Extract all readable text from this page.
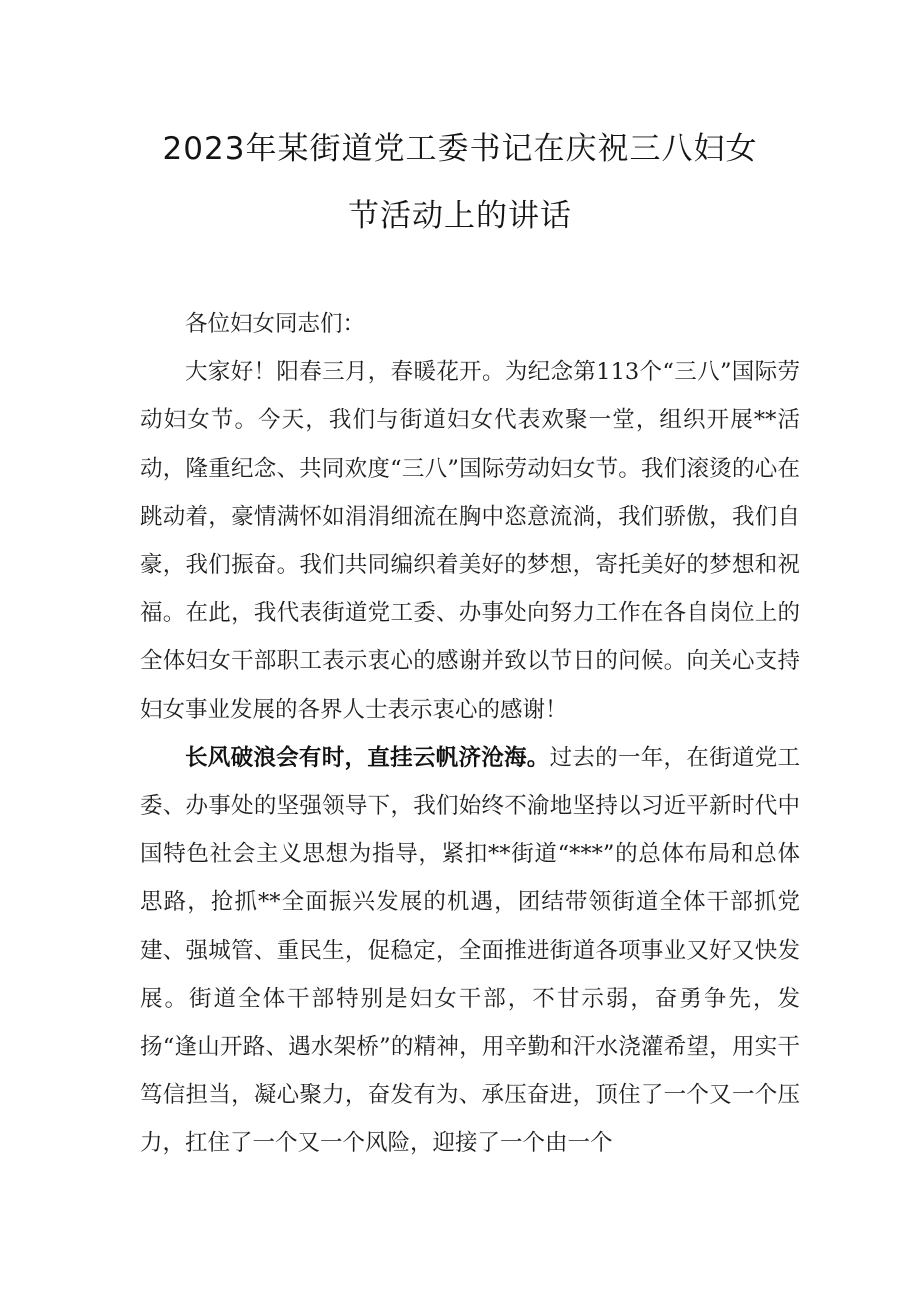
2023年某街道党工委书记在庆祝三八妇女
节活动上的讲话

各位妇女同志们：

大家好！阳春三月，春暖花开。为纪念第113个“三八”国际劳动妇女节。今天，我们与街道妇女代表欢聚一堂，组织开展**活动，隆重纪念、共同欢度“三八”国际劳动妇女节。我们滚烫的心在跳动着，豪情满怀如涓涓细流在胸中恣意流淌，我们骄傲，我们自豪，我们振奋。我们共同编织着美好的梦想，寄托美好的梦想和祝福。在此，我代表街道党工委、办事处向努力工作在各自岗位上的全体妇女干部职工表示衷心的感谢并致以节日的问候。向关心支持妇女事业发展的各界人士表示衷心的感谢！

长风破浪会有时，直挂云帆济沧海。过去的一年，在街道党工委、办事处的坚强领导下，我们始终不渝地坚持以习近平新时代中国特色社会主义思想为指导，紧扣**街道“***”的总体布局和总体思路，抢抓**全面振兴发展的机遇，团结带领街道全体干部抓党建、强城管、重民生，促稳定，全面推进街道各项事业又好又快发展。街道全体干部特别是妇女干部，不甘示弱，奋勇争先，发扬“逢山开路、遇水架桥”的精神，用辛勤和汗水浇灌希望，用实干笃信担当，凝心聚力，奋发有为、承压奋进，顶住了一个又一个压力，扛住了一个又一个风险，迎接了一个由一个
